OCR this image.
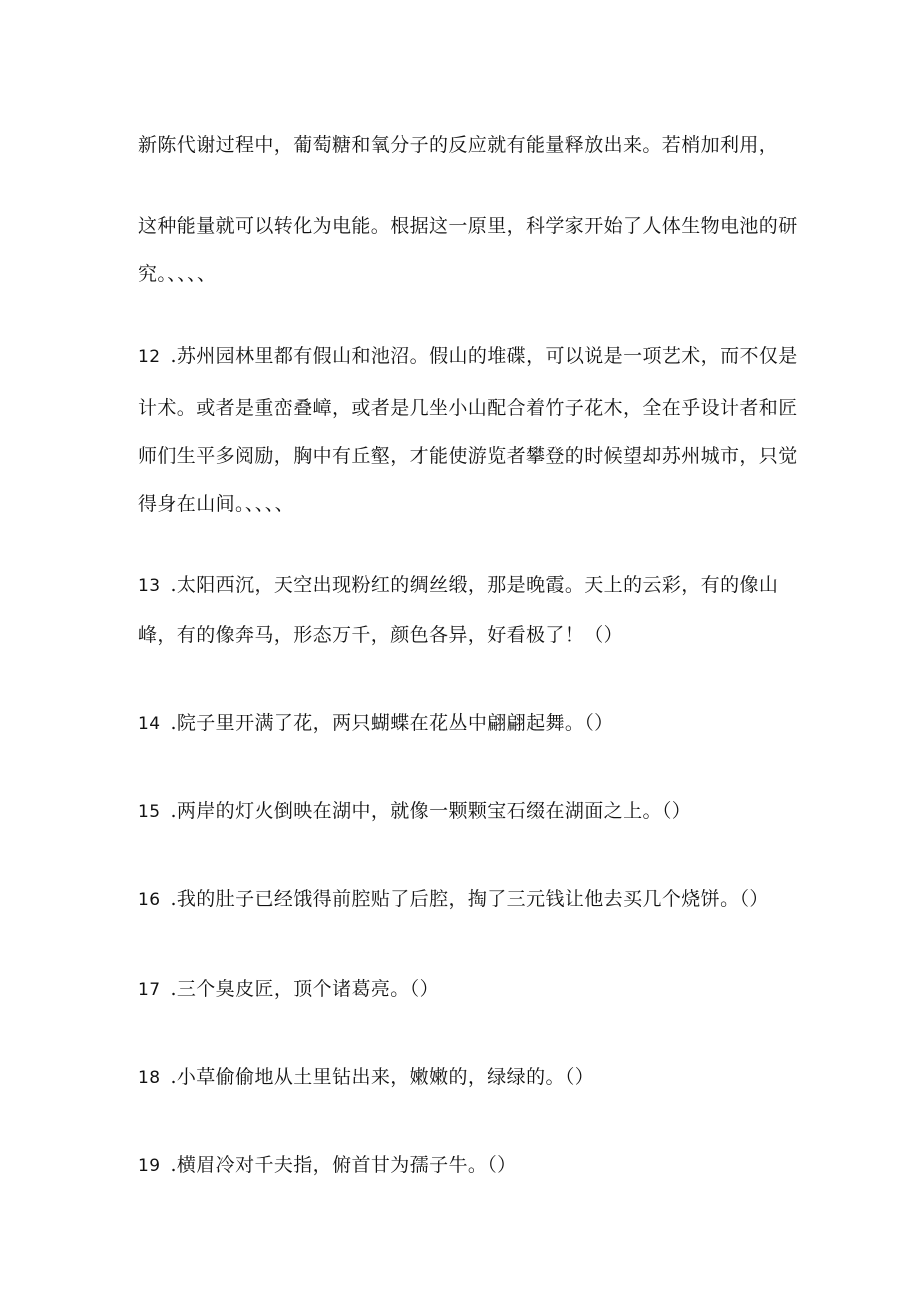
新陈代谢过程中，葡萄糖和氧分子的反应就有能量释放出来。若梢加利用，
这种能量就可以转化为电能。根据这一原里，科学家开始了人体生物电池的研
究。、、、、
12 .苏州园林里都有假山和池沼。假山的堆碟，可以说是一项艺术，而不仅是
计术。或者是重峦叠嶂，或者是几坐小山配合着竹子花木，全在乎设计者和匠
师们生平多阅励，胸中有丘壑，才能使游览者攀登的时候望却苏州城市，只觉
得身在山间。、、、、
13 .太阳西沉，天空出现粉红的绸丝缎，那是晚霞。天上的云彩，有的像山
峰，有的像奔马，形态万千，颜色各异，好看极了！（）
14 .院子里开满了花，两只蝴蝶在花丛中翩翩起舞。（）
15 .两岸的灯火倒映在湖中，就像一颗颗宝石缀在湖面之上。（）
16 .我的肚子已经饿得前腔贴了后腔，掏了三元钱让他去买几个烧饼。（）
17 .三个臭皮匠，顶个诸葛亮。（）
18 .小草偷偷地从土里钻出来，嫩嫩的，绿绿的。（）
19 .横眉冷对千夫指，俯首甘为孺子牛。（）
